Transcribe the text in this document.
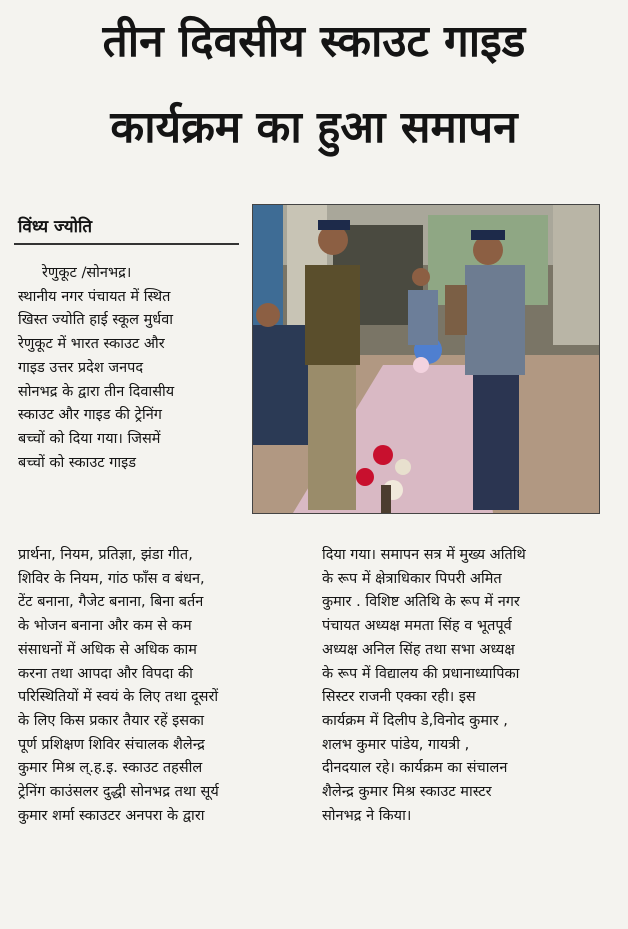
तीन दिवसीय स्काउट गाइड
कार्यक्रम का हुआ समापन
विंध्य ज्योति
रेणुकूट /सोनभद्र।
स्थानीय नगर पंचायत में स्थित
खिस्त ज्योति हाई स्कूल मुर्धवा
रेणुकूट में भारत स्काउट और
गाइड उत्तर प्रदेश जनपद
सोनभद्र के द्वारा तीन दिवासीय
स्काउट और गाइड की ट्रेनिंग
बच्चों को दिया गया। जिसमें
बच्चों को स्काउट गाइड
प्रार्थना, नियम, प्रतिज्ञा, झंडा गीत,
शिविर के नियम, गांठ फाँस व बंधन,
टेंट बनाना, गैजेट बनाना, बिना बर्तन
के भोजन बनाना और कम से कम
संसाधनों में अधिक से अधिक काम
करना तथा आपदा और विपदा की
परिस्थितियों में स्वयं के लिए तथा दूसरों
के लिए किस प्रकार तैयार रहें इसका
पूर्ण प्रशिक्षण शिविर संचालक शैलेन्द्र
कुमार मिश्र ल्.ह.इ. स्काउट तहसील
ट्रेनिंग काउंसलर दुद्धी सोनभद्र तथा सूर्य
कुमार शर्मा स्काउटर अनपरा के द्वारा
दिया गया। समापन सत्र में मुख्य अतिथि
के रूप में क्षेत्राधिकार पिपरी अमित
कुमार . विशिष्ट अतिथि के रूप में नगर
पंचायत अध्यक्ष ममता सिंह व भूतपूर्व
अध्यक्ष अनिल सिंह तथा सभा अध्यक्ष
के रूप में विद्यालय की प्रधानाध्यापिका
सिस्टर राजनी एक्का रही। इस
कार्यक्रम में दिलीप डे,विनोद कुमार ,
शलभ कुमार पांडेय, गायत्री ,
दीनदयाल रहे। कार्यक्रम का संचालन
शैलेन्द्र कुमार मिश्र स्काउट मास्टर
सोनभद्र ने किया।
